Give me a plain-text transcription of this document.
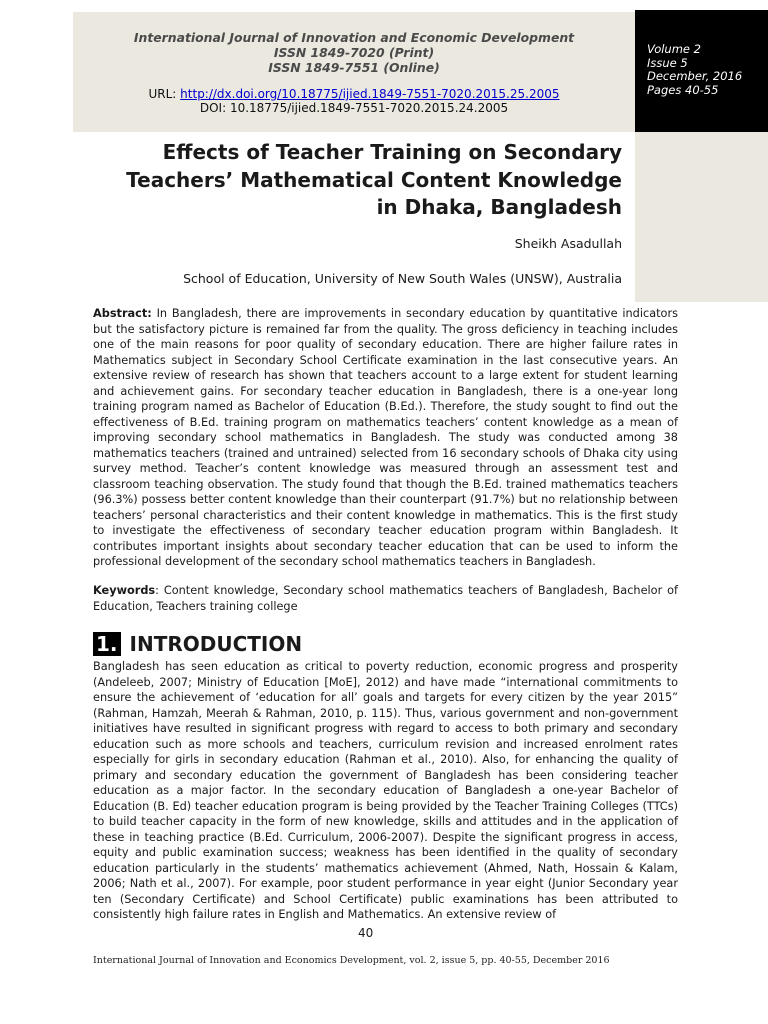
International Journal of Innovation and Economic Development
ISSN 1849-7020 (Print)
ISSN 1849-7551 (Online)
URL: http://dx.doi.org/10.18775/ijied.1849-7551-7020.2015.25.2005
DOI: 10.18775/ijied.1849-7551-7020.2015.24.2005
Volume 2
Issue 5
December, 2016
Pages 40-55
Effects of Teacher Training on Secondary
Teachers’ Mathematical Content Knowledge
in Dhaka, Bangladesh
Sheikh Asadullah
School of Education, University of New South Wales (UNSW), Australia
Abstract: In Bangladesh, there are improvements in secondary education by quantitative indicators but the satisfactory picture is remained far from the quality. The gross deficiency in teaching includes one of the main reasons for poor quality of secondary education. There are higher failure rates in Mathematics subject in Secondary School Certificate examination in the last consecutive years. An extensive review of research has shown that teachers account to a large extent for student learning and achievement gains. For secondary teacher education in Bangladesh, there is a one-year long training program named as Bachelor of Education (B.Ed.). Therefore, the study sought to find out the effectiveness of B.Ed. training program on mathematics teachers’ content knowledge as a mean of improving secondary school mathematics in Bangladesh. The study was conducted among 38 mathematics teachers (trained and untrained) selected from 16 secondary schools of Dhaka city using survey method. Teacher’s content knowledge was measured through an assessment test and classroom teaching observation. The study found that though the B.Ed. trained mathematics teachers (96.3%) possess better content knowledge than their counterpart (91.7%) but no relationship between teachers’ personal characteristics and their content knowledge in mathematics. This is the first study to investigate the effectiveness of secondary teacher education program within Bangladesh. It contributes important insights about secondary teacher education that can be used to inform the professional development of the secondary school mathematics teachers in Bangladesh.
Keywords: Content knowledge, Secondary school mathematics teachers of Bangladesh, Bachelor of Education, Teachers training college
1. INTRODUCTION
Bangladesh has seen education as critical to poverty reduction, economic progress and prosperity (Andeleeb, 2007; Ministry of Education [MoE], 2012) and have made “international commitments to ensure the achievement of ‘education for all’ goals and targets for every citizen by the year 2015” (Rahman, Hamzah, Meerah & Rahman, 2010, p. 115). Thus, various government and non-government initiatives have resulted in significant progress with regard to access to both primary and secondary education such as more schools and teachers, curriculum revision and increased enrolment rates especially for girls in secondary education (Rahman et al., 2010). Also, for enhancing the quality of primary and secondary education the government of Bangladesh has been considering teacher education as a major factor. In the secondary education of Bangladesh a one-year Bachelor of Education (B. Ed) teacher education program is being provided by the Teacher Training Colleges (TTCs) to build teacher capacity in the form of new knowledge, skills and attitudes and in the application of these in teaching practice (B.Ed. Curriculum, 2006-2007). Despite the significant progress in access, equity and public examination success; weakness has been identified in the quality of secondary education particularly in the students’ mathematics achievement (Ahmed, Nath, Hossain & Kalam, 2006; Nath et al., 2007). For example, poor student performance in year eight (Junior Secondary year ten (Secondary Certificate) and School Certificate) public examinations has been attributed to consistently high failure rates in English and Mathematics. An extensive review of
40
International Journal of Innovation and Economics Development, vol. 2, issue 5, pp. 40-55, December 2016
